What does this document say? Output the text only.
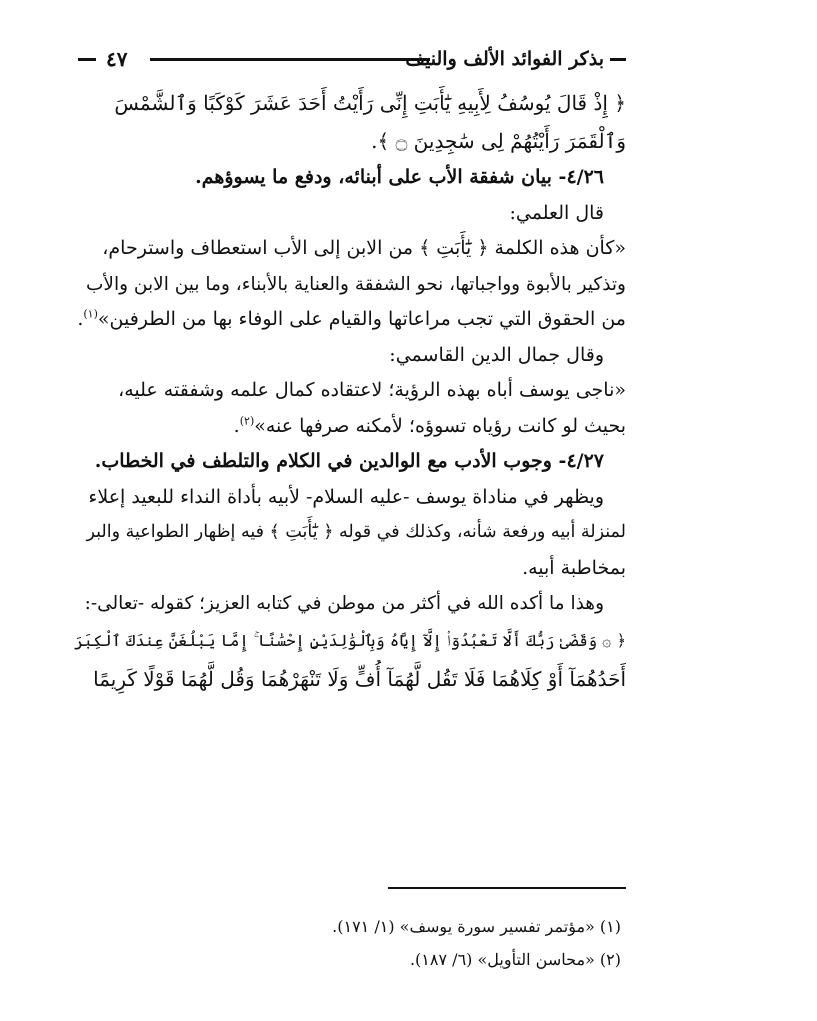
٤٧	بذكر الفوائد الألف والنيف
﴿ إِذْ قَالَ يُوسُفُ لِأَبِيهِ يَٰٓأَبَتِ إِنِّى رَأَيْتُ أَحَدَ عَشَرَ كَوْكَبًا وَٱلشَّمْسَ
وَٱلْقَمَرَ رَأَيْتُهُمْ لِى سَٰجِدِينَ ۝ ﴾.
٤/٢٦- بيان شفقة الأب على أبنائه، ودفع ما يسوؤهم.
قال العلمي:
«كأن هذه الكلمة ﴿ يَٰٓأَبَتِ ﴾ من الابن إلى الأب استعطاف واسترحام،
وتذكير بالأبوة وواجباتها، نحو الشفقة والعناية بالأبناء، وما بين الابن والأب
من الحقوق التي تجب مراعاتها والقيام على الوفاء بها من الطرفين»$^{(١)}$.
وقال جمال الدين القاسمي:
«ناجى يوسف أباه بهذه الرؤية؛ لاعتقاده كمال علمه وشفقته عليه،
بحيث لو كانت رؤياه تسوؤه؛ لأمكنه صرفها عنه»$^{(٢)}$.
٤/٢٧- وجوب الأدب مع الوالدين في الكلام والتلطف في الخطاب.
ويظهر في مناداة يوسف -عليه السلام- لأبيه بأداة النداء للبعيد إعلاء
لمنزلة أبيه ورفعة شأنه، وكذلك في قوله ﴿ يَٰٓأَبَتِ ﴾ فيه إظهار الطواعية والبر
بمخاطبة أبيه.
وهذا ما أكده الله في أكثر من موطن في كتابه العزيز؛ كقوله -تعالى-:
﴿ ۞ وَقَضَىٰ رَبُّكَ أَلَّا تَعْبُدُوٓا۟ إِلَّآ إِيَّاهُ وَبِٱلْوَٰلِدَيْنِ إِحْسَٰنًا ۚ إِمَّا يَبْلُغَنَّ عِندَكَ ٱلْكِبَرَ
أَحَدُهُمَآ أَوْ كِلَاهُمَا فَلَا تَقُل لَّهُمَآ أُفٍّ وَلَا تَنْهَرْهُمَا وَقُل لَّهُمَا قَوْلًا كَرِيمًا
(١) «مؤتمر تفسير سورة يوسف» (١/ ١٧١).
(٢) «محاسن التأويل» (٦/ ١٨٧).
